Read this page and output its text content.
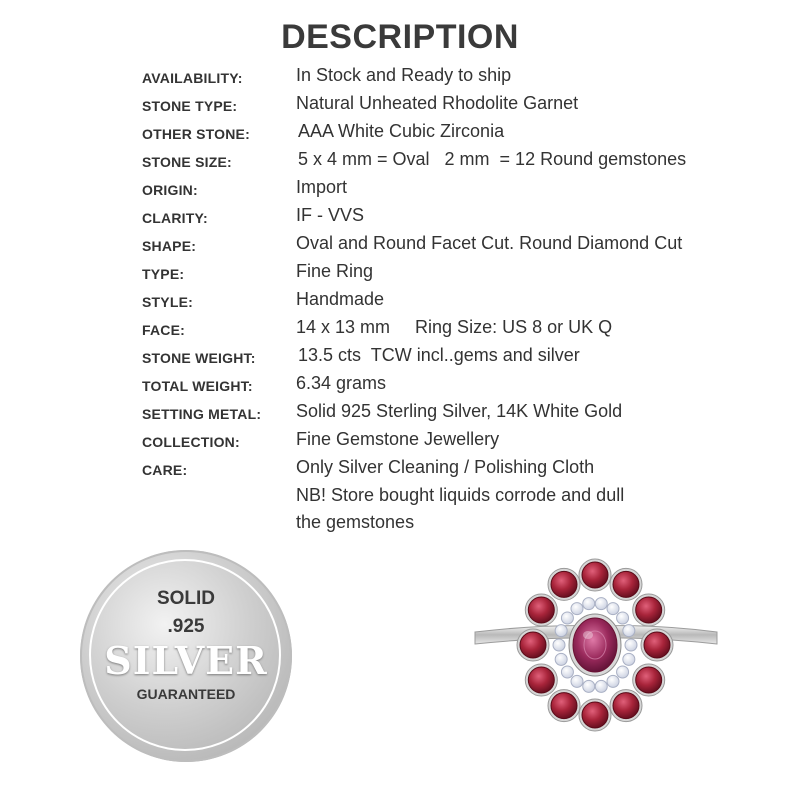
DESCRIPTION
AVAILABILITY:	In Stock and Ready to ship
STONE TYPE:	Natural Unheated Rhodolite Garnet
OTHER STONE:	AAA White Cubic Zirconia
STONE SIZE:	5 x 4 mm = Oval   2 mm  = 12 Round gemstones
ORIGIN:	Import
CLARITY:	IF - VVS
SHAPE:	Oval and Round Facet Cut. Round Diamond Cut
TYPE:	Fine Ring
STYLE:	Handmade
FACE:	14 x 13 mm     Ring Size: US 8 or UK Q
STONE WEIGHT: 13.5 cts  TCW incl..gems and silver
TOTAL WEIGHT: 6.34 grams
SETTING METAL: Solid 925 Sterling Silver, 14K White Gold
COLLECTION:	Fine Gemstone Jewellery
CARE:	Only Silver Cleaning / Polishing Cloth
NB! Store bought liquids corrode and dull
the gemstones
SOLID
.925
SILVER
GUARANTEED
